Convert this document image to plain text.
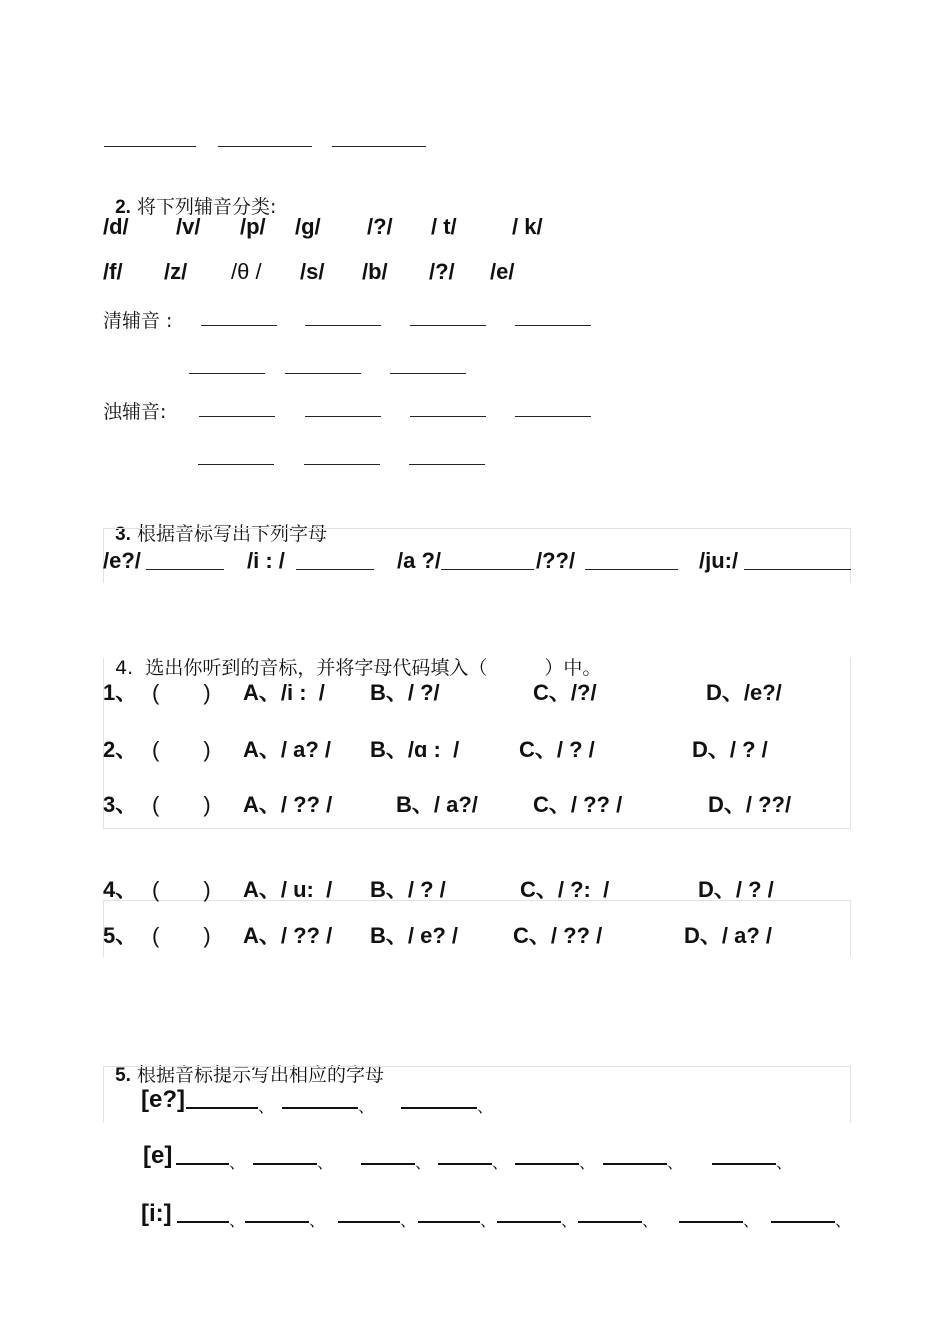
2. 将下列辅音分类:

/d/ /v/ /p/ /g/ /?/ / t/	/ k/
/f/ /z/ /θ / /s/ /b/ /?/ /e/
清辅音 :
浊辅音:

3. 根据音标写出下列字母

/e?/	/i : /	/a ?/	/??/	/ju:/

4. 选出你听到的音标，并将字母代码填入（　　　）中。

1、 (　　) A、/i :  / B、/ ?/	C、/?/	D、/e?/
2、 (　　) A、/ a? / B、/ɑ :  /	C、/ ? /	D、/ ? /
3、 (　　) A、/ ?? /	B、/ a?/	C、/ ?? /	D、/ ??/
4、 (　　) A、/ u:  / B、/ ? /	C、/ ?:  /	D、/ ? /
5、 (　　) A、/ ?? / B、/ e? / C、/ ?? /	D、/ a? /

5. 根据音标提示写出相应的字母

[e?]	、	、	、
[e]	、	、	、	、	、	、	、
[i:]	、	、	、	、	、	、	、	、
